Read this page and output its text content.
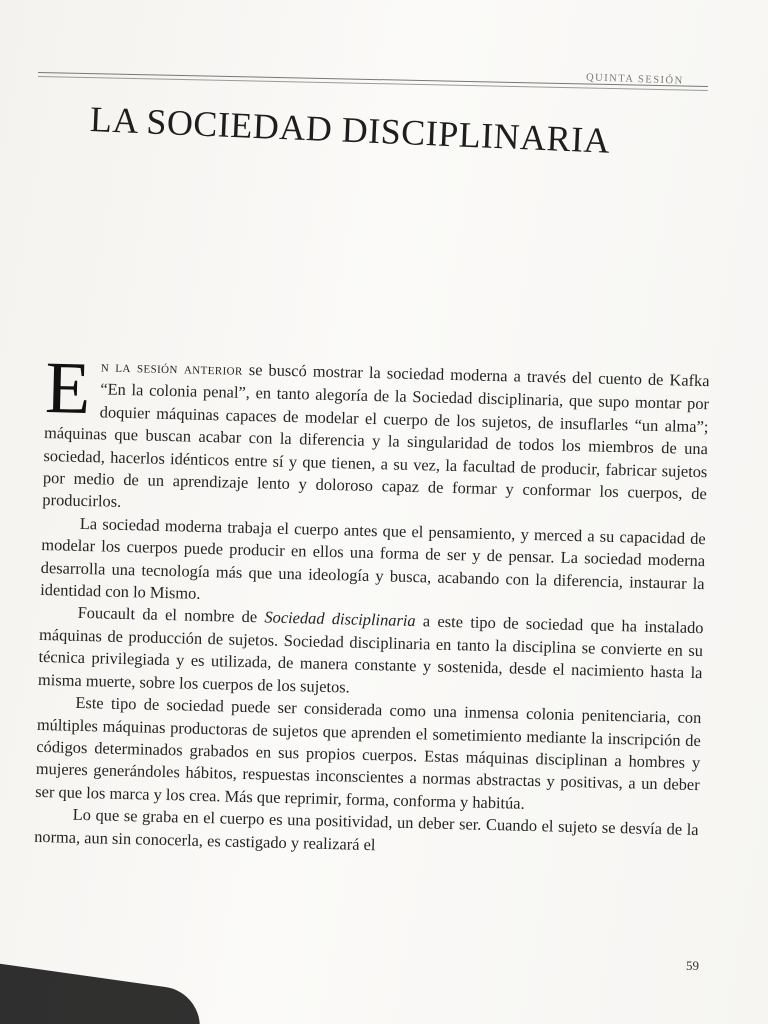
QUINTA SESIÓN
LA SOCIEDAD DISCIPLINARIA

En la sesión anterior se buscó mostrar la sociedad moderna a través del cuento de Kafka “En la colonia penal”, en tanto alegoría de la Sociedad disciplinaria, que supo montar por doquier máquinas capaces de modelar el cuerpo de los sujetos, de insuflarles “un alma”; máquinas que buscan acabar con la diferencia y la singularidad de todos los miembros de una sociedad, hacerlos idénticos entre sí y que tienen, a su vez, la facultad de producir, fabricar sujetos por medio de un aprendizaje lento y doloroso capaz de formar y conformar los cuerpos, de producirlos.

La sociedad moderna trabaja el cuerpo antes que el pensamiento, y merced a su capacidad de modelar los cuerpos puede producir en ellos una forma de ser y de pensar. La sociedad moderna desarrolla una tecnología más que una ideología y busca, acabando con la diferencia, instaurar la identidad con lo Mismo.

Foucault da el nombre de Sociedad disciplinaria a este tipo de sociedad que ha instalado máquinas de producción de sujetos. Sociedad disciplinaria en tanto la disciplina se convierte en su técnica privilegiada y es utilizada, de manera constante y sostenida, desde el nacimiento hasta la misma muerte, sobre los cuerpos de los sujetos.

Este tipo de sociedad puede ser considerada como una inmensa colonia penitenciaria, con múltiples máquinas productoras de sujetos que aprenden el sometimiento mediante la inscripción de códigos determinados grabados en sus propios cuerpos. Estas máquinas disciplinan a hombres y mujeres generándoles hábitos, respuestas inconscientes a normas abstractas y positivas, a un deber ser que los marca y los crea. Más que reprimir, forma, conforma y habitúa.

Lo que se graba en el cuerpo es una positividad, un deber ser. Cuando el sujeto se desvía de la norma, aun sin conocerla, es castigado y realizará el

59
